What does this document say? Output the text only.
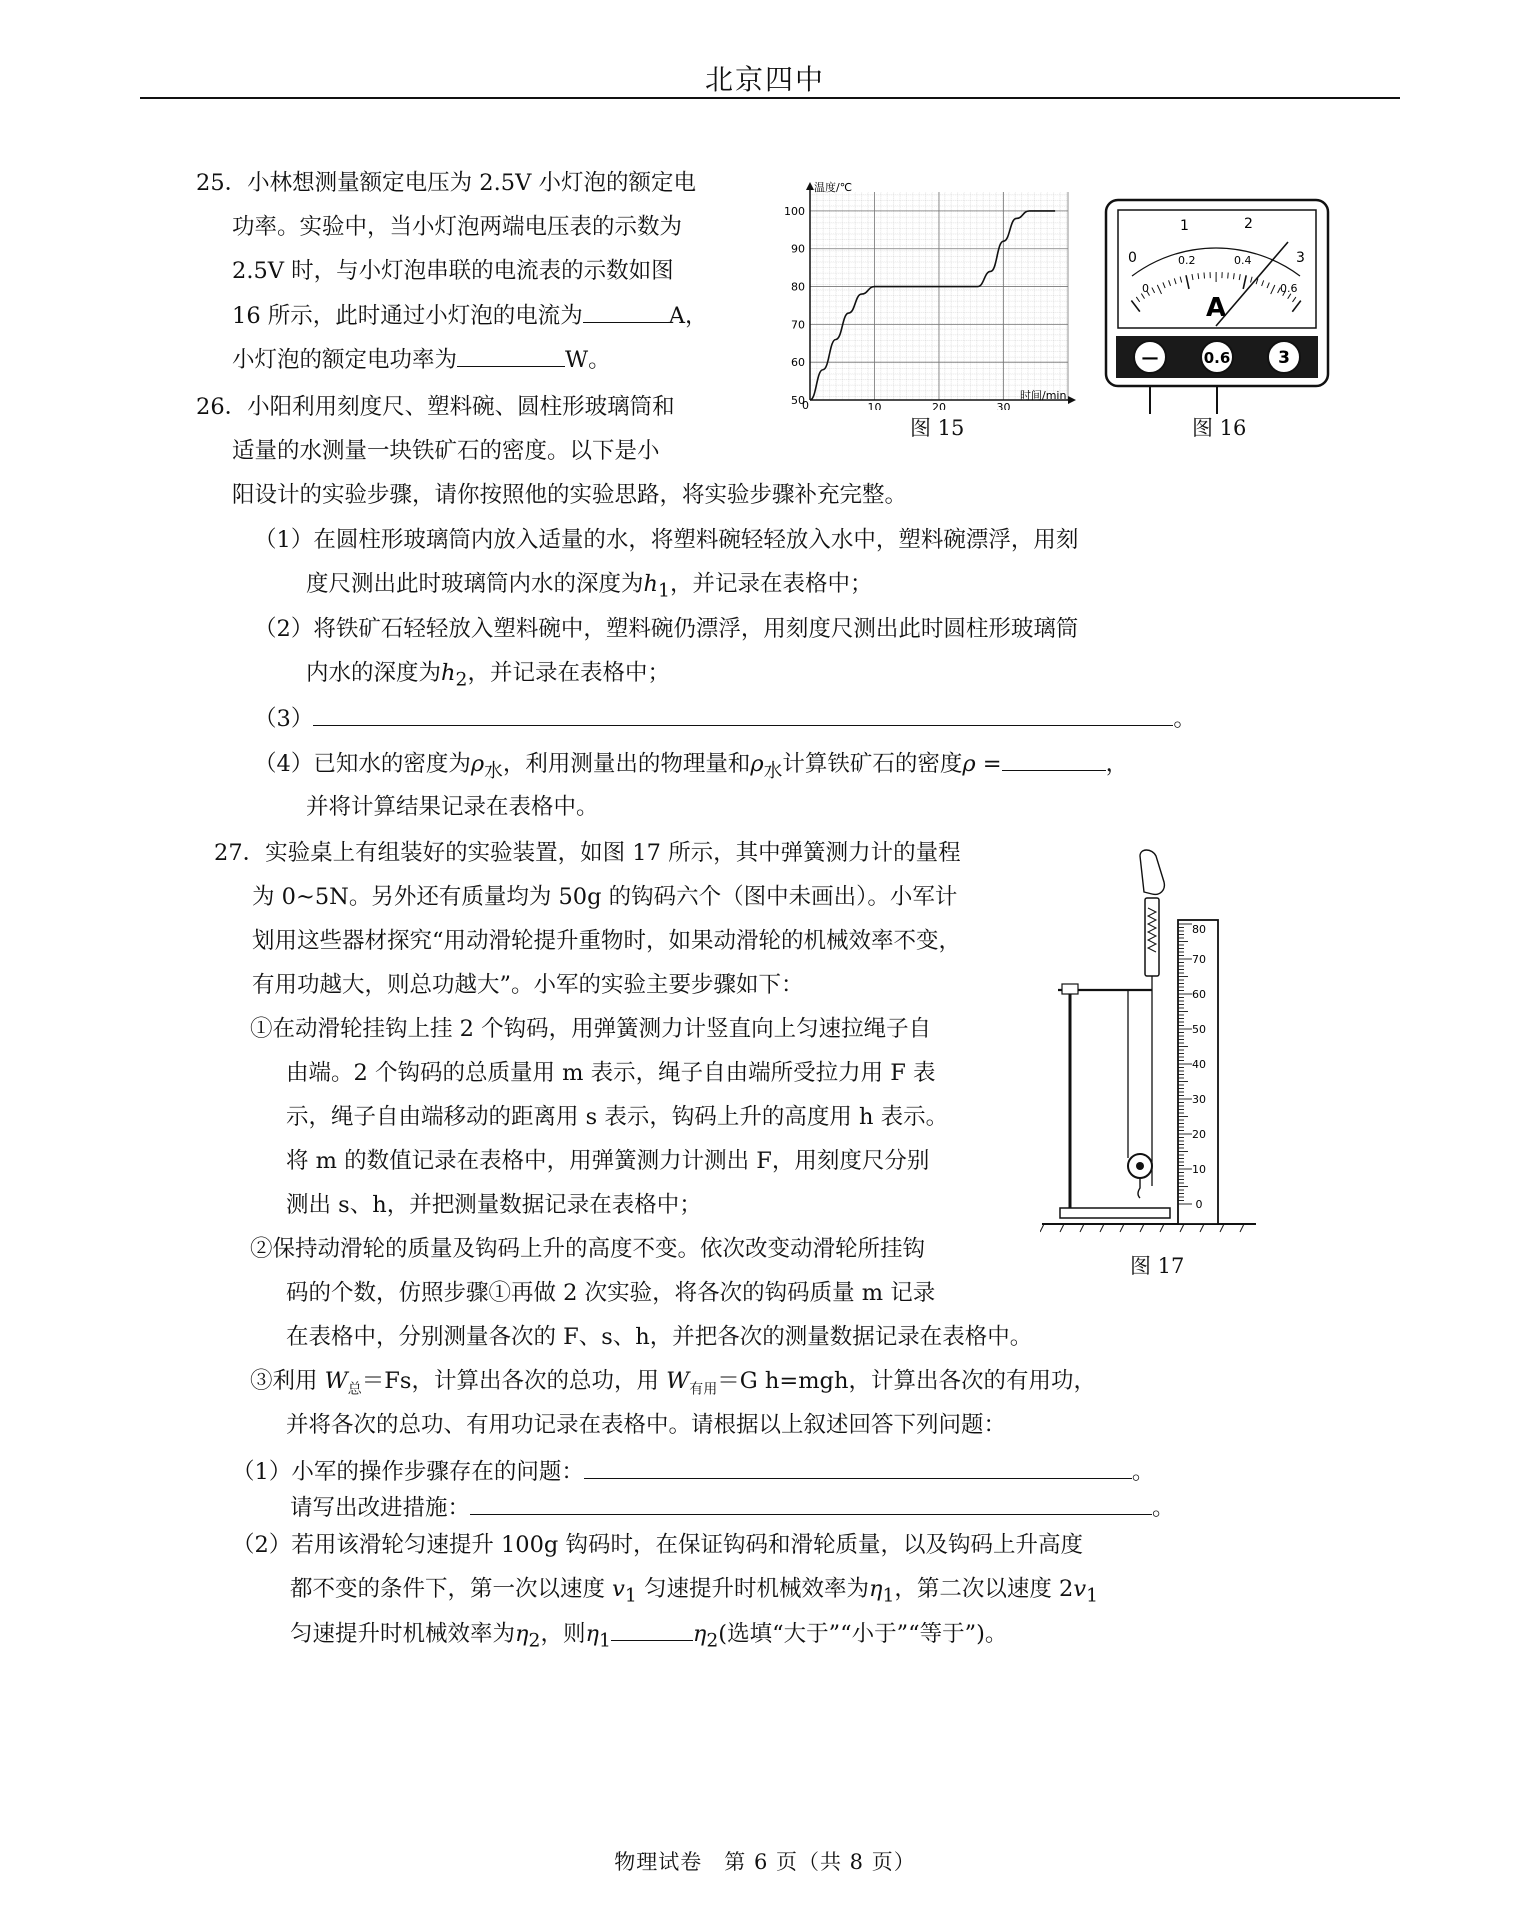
北京四中
25．小林想测量额定电压为 2.5V 小灯泡的额定电
功率。实验中，当小灯泡两端电压表的示数为
2.5V 时，与小灯泡串联的电流表的示数如图
16 所示，此时通过小灯泡的电流为	A，
小灯泡的额定电功率为	W。
温度/℃
时间/min
0
50
60
70
80
90
100
10	20	30
图 15
0
1	2
3
0
0.2	0.4
0.6
A
—	0.6	3
图 16
26．小阳利用刻度尺、塑料碗、圆柱形玻璃筒和
适量的水测量一块铁矿石的密度。以下是小
阳设计的实验步骤，请你按照他的实验思路，将实验步骤补充完整。
（1）在圆柱形玻璃筒内放入适量的水，将塑料碗轻轻放入水中，塑料碗漂浮，用刻
度尺测出此时玻璃筒内水的深度为$h_1$，并记录在表格中；
（2）将铁矿石轻轻放入塑料碗中，塑料碗仍漂浮，用刻度尺测出此时圆柱形玻璃筒
内水的深度为$h_2$，并记录在表格中；
（3）	。
（4）已知水的密度为$\rho_水$，利用测量出的物理量和$\rho_水$计算铁矿石的密度ρ =	，
并将计算结果记录在表格中。
27．实验桌上有组装好的实验装置，如图 17 所示，其中弹簧测力计的量程
为 0~5N。另外还有质量均为 50g 的钩码六个（图中未画出）。小军计
划用这些器材探究“用动滑轮提升重物时，如果动滑轮的机械效率不变，
有用功越大，则总功越大”。小军的实验主要步骤如下：
①在动滑轮挂钩上挂 2 个钩码，用弹簧测力计竖直向上匀速拉绳子自
由端。2 个钩码的总质量用 m 表示，绳子自由端所受拉力用 F 表
示，绳子自由端移动的距离用 s 表示，钩码上升的高度用 h 表示。
将 m 的数值记录在表格中，用弹簧测力计测出 F，用刻度尺分别
测出 s、h，并把测量数据记录在表格中；
②保持动滑轮的质量及钩码上升的高度不变。依次改变动滑轮所挂钩
码的个数，仿照步骤①再做 2 次实验，将各次的钩码质量 m 记录
在表格中，分别测量各次的 F、s、h，并把各次的测量数据记录在表格中。
③利用 $W_总=Fs$，计算出各次的总功，用 $W_{有用}=G$ h=mgh，计算出各次的有用功，
并将各次的总功、有用功记录在表格中。请根据以上叙述回答下列问题：
（1）小军的操作步骤存在的问题：	。
请写出改进措施：	。
（2）若用该滑轮匀速提升 100g 钩码时，在保证钩码和滑轮质量，以及钩码上升高度
都不变的条件下，第一次以速度 $v_1$ 匀速提升时机械效率为$\eta_1$，第二次以速度 $2v_1$
匀速提升时机械效率为$\eta_2$，则$\eta_1$	$\eta_2$(选填“大于”“小于”“等于”)。
0
10
20
30
40
50
60
70
80
图 17
物理试卷　第 6 页（共 8 页）
